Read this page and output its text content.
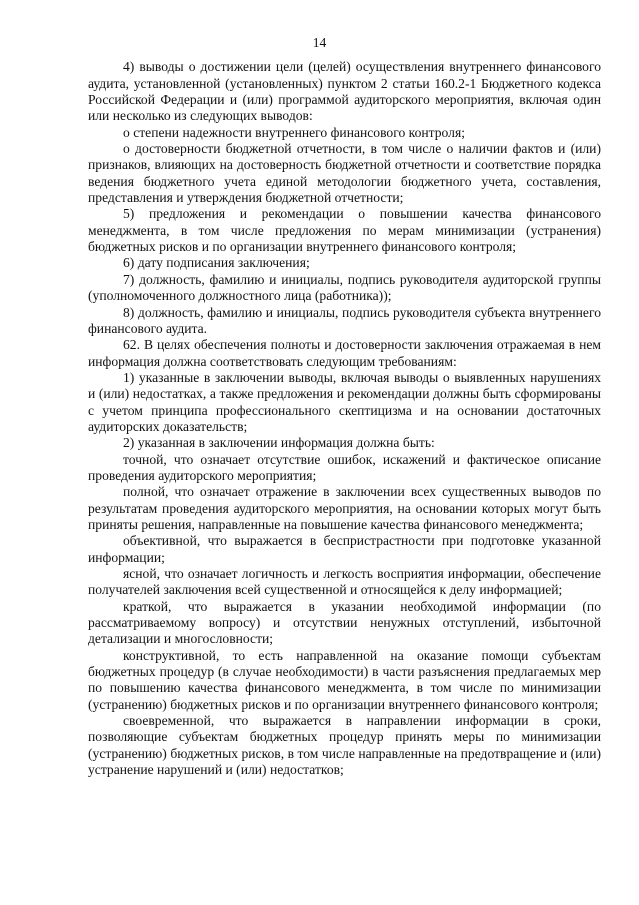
14

4) выводы о достижении цели (целей) осуществления внутреннего финансового аудита, установленной (установленных) пунктом 2 статьи 160.2-1 Бюджетного кодекса Российской Федерации и (или) программой аудиторского мероприятия, включая один или несколько из следующих выводов:

о степени надежности внутреннего финансового контроля;

о достоверности бюджетной отчетности, в том числе о наличии фактов и (или) признаков, влияющих на достоверность бюджетной отчетности и соответствие порядка ведения бюджетного учета единой методологии бюджетного учета, составления, представления и утверждения бюджетной отчетности;

5) предложения и рекомендации о повышении качества финансового менеджмента, в том числе предложения по мерам минимизации (устранения) бюджетных рисков и по организации внутреннего финансового контроля;

6) дату подписания заключения;

7) должность, фамилию и инициалы, подпись руководителя аудиторской группы (уполномоченного должностного лица (работника));

8) должность, фамилию и инициалы, подпись руководителя субъекта внутреннего финансового аудита.

62. В целях обеспечения полноты и достоверности заключения отражаемая в нем информация должна соответствовать следующим требованиям:

1) указанные в заключении выводы, включая выводы о выявленных нарушениях и (или) недостатках, а также предложения и рекомендации должны быть сформированы с учетом принципа профессионального скептицизма и на основании достаточных аудиторских доказательств;

2) указанная в заключении информация должна быть:

точной, что означает отсутствие ошибок, искажений и фактическое описание проведения аудиторского мероприятия;

полной, что означает отражение в заключении всех существенных выводов по результатам проведения аудиторского мероприятия, на основании которых могут быть приняты решения, направленные на повышение качества финансового менеджмента;

объективной, что выражается в беспристрастности при подготовке указанной информации;

ясной, что означает логичность и легкость восприятия информации, обеспечение получателей заключения всей существенной и относящейся к делу информацией;

краткой, что выражается в указании необходимой информации (по рассматриваемому вопросу) и отсутствии ненужных отступлений, избыточной детализации и многословности;

конструктивной, то есть направленной на оказание помощи субъектам бюджетных процедур (в случае необходимости) в части разъяснения предлагаемых мер по повышению качества финансового менеджмента, в том числе по минимизации (устранению) бюджетных рисков и по организации внутреннего финансового контроля;

своевременной, что выражается в направлении информации в сроки, позволяющие субъектам бюджетных процедур принять меры по минимизации (устранению) бюджетных рисков, в том числе направленные на предотвращение и (или) устранение нарушений и (или) недостатков;
